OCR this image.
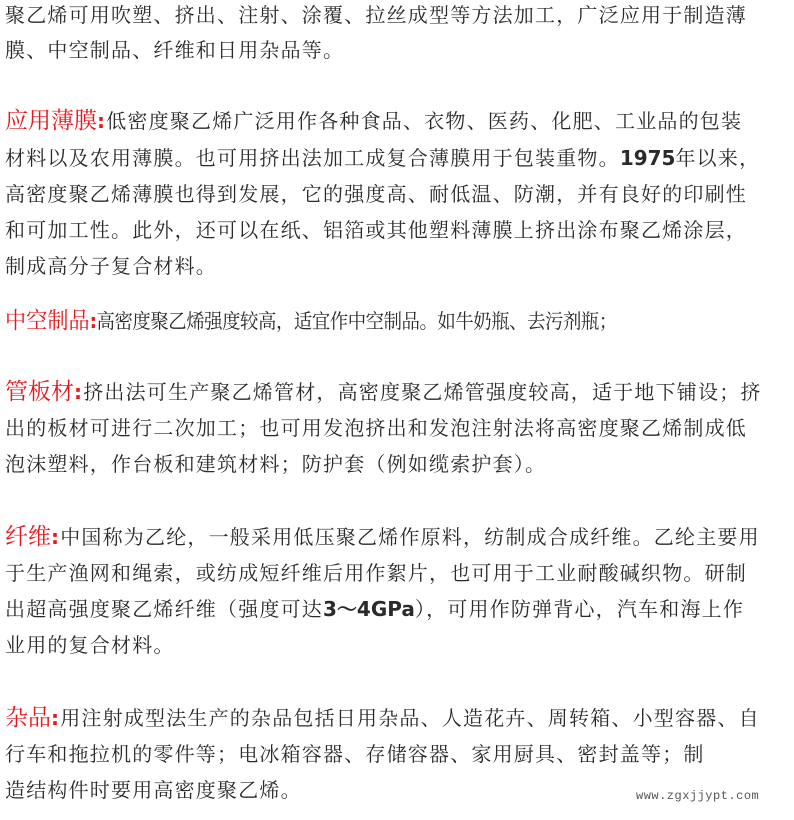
聚乙烯可用吹塑、挤出、注射、涂覆、拉丝成型等方法加工，广泛应用于制造薄
膜、中空制品、纤维和日用杂品等。
应用薄膜:低密度聚乙烯广泛用作各种食品、衣物、医药、化肥、工业品的包装
材料以及农用薄膜。也可用挤出法加工成复合薄膜用于包装重物。1975年以来，
高密度聚乙烯薄膜也得到发展，它的强度高、耐低温、防潮，并有良好的印刷性
和可加工性。此外，还可以在纸、铝箔或其他塑料薄膜上挤出涂布聚乙烯涂层，
制成高分子复合材料。
中空制品:高密度聚乙烯强度较高，适宜作中空制品。如牛奶瓶、去污剂瓶；
管板材:挤出法可生产聚乙烯管材，高密度聚乙烯管强度较高，适于地下铺设；挤
出的板材可进行二次加工；也可用发泡挤出和发泡注射法将高密度聚乙烯制成低
泡沫塑料，作台板和建筑材料；防护套（例如缆索护套）。
纤维:中国称为乙纶，一般采用低压聚乙烯作原料，纺制成合成纤维。乙纶主要用
于生产渔网和绳索，或纺成短纤维后用作絮片，也可用于工业耐酸碱织物。研制
出超高强度聚乙烯纤维（强度可达3～4GPa），可用作防弹背心，汽车和海上作
业用的复合材料。
杂品:用注射成型法生产的杂品包括日用杂品、人造花卉、周转箱、小型容器、自
行车和拖拉机的零件等；电冰箱容器、存储容器、家用厨具、密封盖等；制
造结构件时要用高密度聚乙烯。	www.zgxjjypt.com
